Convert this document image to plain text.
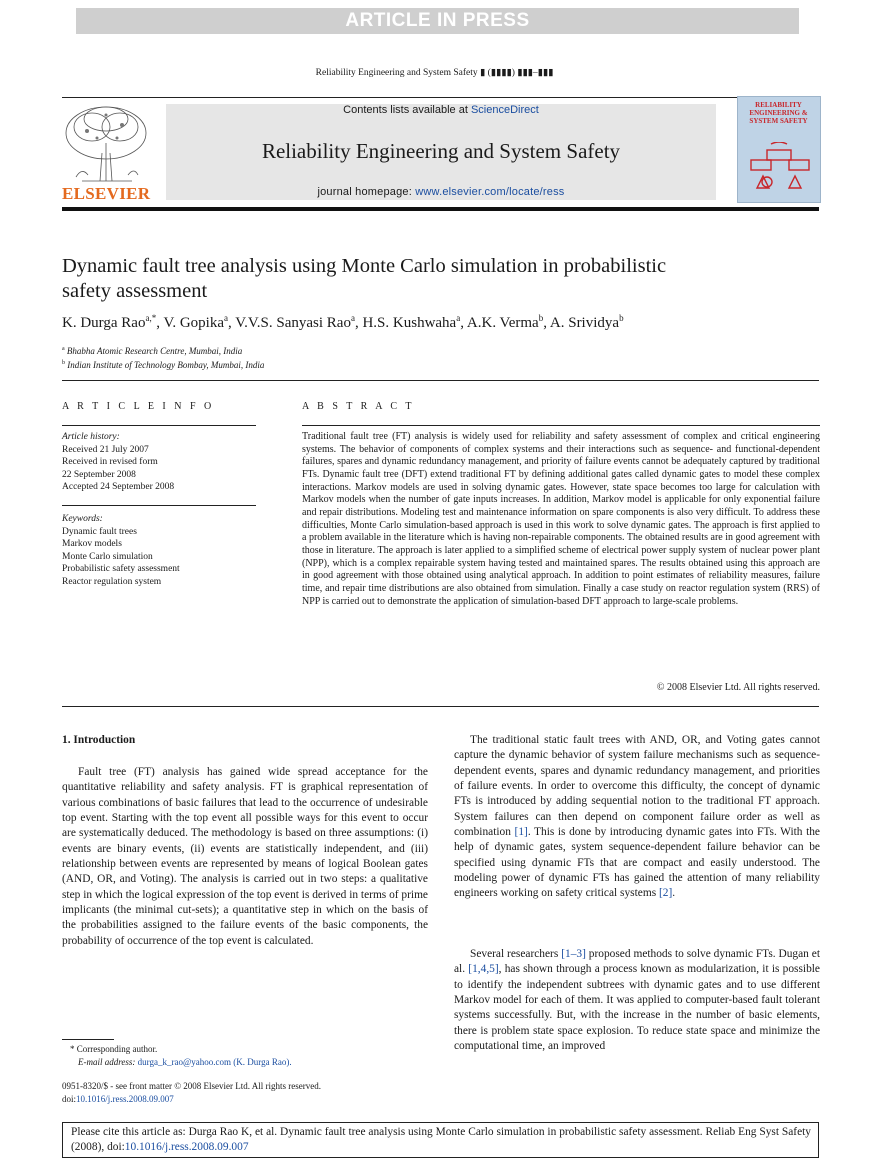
ARTICLE IN PRESS
Reliability Engineering and System Safety ▮ (▮▮▮▮) ▮▮▮–▮▮▮
ELSEVIER
Contents lists available at ScienceDirect
Reliability Engineering and System Safety
journal homepage: www.elsevier.com/locate/ress
RELIABILITY ENGINEERING & SYSTEM SAFETY
Dynamic fault tree analysis using Monte Carlo simulation in probabilistic
safety assessment
K. Durga Rao$^{a,*}$, V. Gopika$^a$, V.V.S. Sanyasi Rao$^a$, H.S. Kushwaha$^a$, A.K. Verma$^b$, A. Srividya$^b$
$^a$ Bhabha Atomic Research Centre, Mumbai, India
$^b$ Indian Institute of Technology Bombay, Mumbai, India
A R T I C L E I N F O
Article history:
Received 21 July 2007
Received in revised form
22 September 2008
Accepted 24 September 2008
Keywords:
Dynamic fault trees
Markov models
Monte Carlo simulation
Probabilistic safety assessment
Reactor regulation system
A B S T R A C T
Traditional fault tree (FT) analysis is widely used for reliability and safety assessment of complex and critical engineering systems. The behavior of components of complex systems and their interactions such as sequence- and functional-dependent failures, spares and dynamic redundancy management, and priority of failure events cannot be adequately captured by traditional FTs. Dynamic fault tree (DFT) extend traditional FT by defining additional gates called dynamic gates to model these complex interactions. Markov models are used in solving dynamic gates. However, state space becomes too large for calculation with Markov models when the number of gate inputs increases. In addition, Markov model is applicable for only exponential failure and repair distributions. Modeling test and maintenance information on spare components is also very difficult. To address these difficulties, Monte Carlo simulation-based approach is used in this work to solve dynamic gates. The approach is first applied to a problem available in the literature which is having non-repairable components. The obtained results are in good agreement with those in literature. The approach is later applied to a simplified scheme of electrical power supply system of nuclear power plant (NPP), which is a complex repairable system having tested and maintained spares. The results obtained using this approach are in good agreement with those obtained using analytical approach. In addition to point estimates of reliability measures, failure time, and repair time distributions are also obtained from simulation. Finally a case study on reactor regulation system (RRS) of NPP is carried out to demonstrate the application of simulation-based DFT approach to large-scale problems.
© 2008 Elsevier Ltd. All rights reserved.
1. Introduction
Fault tree (FT) analysis has gained wide spread acceptance for the quantitative reliability and safety analysis. FT is graphical representation of various combinations of basic failures that lead to the occurrence of undesirable top event. Starting with the top event all possible ways for this event to occur are systematically deduced. The methodology is based on three assumptions: (i) events are binary events, (ii) events are statistically independent, and (iii) relationship between events are represented by means of logical Boolean gates (AND, OR, and Voting). The analysis is carried out in two steps: a qualitative step in which the logical expression of the top event is derived in terms of prime implicants (the minimal cut-sets); a quantitative step in which on the basis of the probabilities assigned to the failure events of the basic components, the probability of occurrence of the top event is calculated.
The traditional static fault trees with AND, OR, and Voting gates cannot capture the dynamic behavior of system failure mechanisms such as sequence-dependent events, spares and dynamic redundancy management, and priorities of failure events. In order to overcome this difficulty, the concept of dynamic FTs is introduced by adding sequential notion to the traditional FT approach. System failures can then depend on component failure order as well as combination [1]. This is done by introducing dynamic gates into FTs. With the help of dynamic gates, system sequence-dependent failure behavior can be specified using dynamic FTs that are compact and easily understood. The modeling power of dynamic FTs has gained the attention of many reliability engineers working on safety critical systems [2].
Several researchers [1–3] proposed methods to solve dynamic FTs. Dugan et al. [1,4,5], has shown through a process known as modularization, it is possible to identify the independent subtrees with dynamic gates and to use different Markov model for each of them. It was applied to computer-based fault tolerant systems successfully. But, with the increase in the number of basic elements, there is problem state space explosion. To reduce state space and minimize the computational time, an improved
* Corresponding author.
E-mail address: durga_k_rao@yahoo.com (K. Durga Rao).
0951-8320/$ - see front matter © 2008 Elsevier Ltd. All rights reserved.
doi:10.1016/j.ress.2008.09.007
Please cite this article as: Durga Rao K, et al. Dynamic fault tree analysis using Monte Carlo simulation in probabilistic safety assessment. Reliab Eng Syst Safety (2008), doi:10.1016/j.ress.2008.09.007
